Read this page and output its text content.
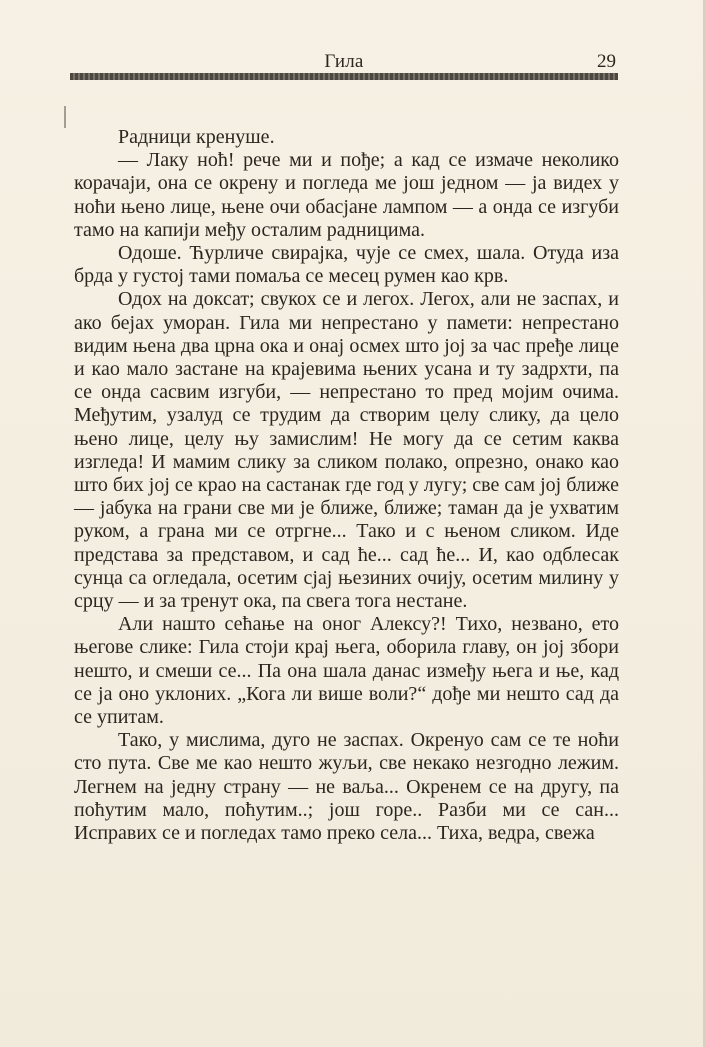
Гила	29

Радници кренуше.

— Лаку ноћ! рече ми и пође; а кад се измаче неколико корачаји, она се окрену и погледа ме још једном — ја видех у ноћи њено лице, њене очи обасјане лампом — а онда се изгуби тамо на капији међу осталим радницима.

Одоше. Ћурличе свирајка, чује се смех, шала. Отуда иза брда у густој тами помаља се месец румен као крв.

Одох на доксат; свукох се и легох. Легох, али не заспах, и ако бејах уморан. Гила ми непрестано у памети: непрестано видим њена два црна ока и онај осмех што јој за час пређе лице и као мало застане на крајевима њених усана и ту задрхти, па се онда сасвим изгуби, — непрестано то пред мојим очима. Међутим, узалуд се трудим да створим целу слику, да цело њено лице, целу њу замислим! Не могу да се сетим каква изгледа! И мамим слику за сликом полако, опрезно, онако као што бих јој се крао на састанак где год у лугу; све сам јој ближе — јабука на грани све ми је ближе, ближе; таман да је ухватим руком, а грана ми се отргне... Тако и с њеном сликом. Иде представа за представом, и сад ће... сад ће... И, као одблесак сунца са огледала, осетим сјај њезиних очију, осетим милину у срцу — и за тренут ока, па свега тога нестане.

Али нашто сећање на оног Алексу?! Тихо, незвано, ето његове слике: Гила стоји крај њега, оборила главу, он јој збори нешто, и смеши се... Па она шала данас између њега и ње, кад се ја оно уклоних. „Кога ли више воли?“ дође ми нешто сад да се упитам.

Тако, у мислима, дуго не заспах. Окренуо сам се те ноћи сто пута. Све ме као нешто жуљи, све некако незгодно лежим. Легнем на једну страну — не ваља... Окренем се на другу, па поћутим мало, поћутим..; још горе.. Разби ми се сан... Исправих се и погледах тамо преко села... Тиха, ведра, свежа
